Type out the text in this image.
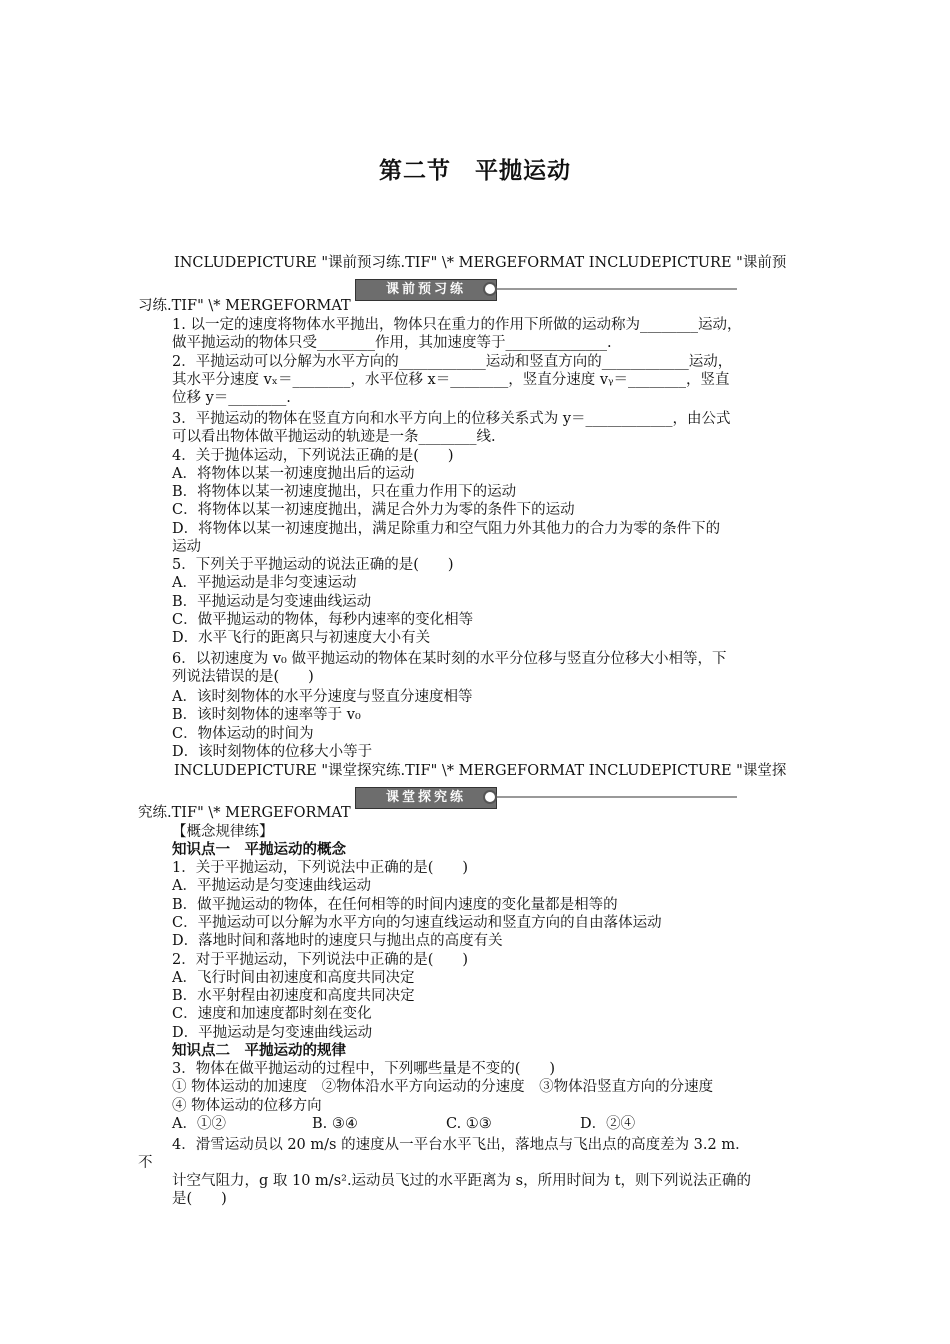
第二节　平抛运动
INCLUDEPICTURE "课前预习练.TIF" \* MERGEFORMAT INCLUDEPICTURE "课前预
习练.TIF" \* MERGEFORMAT
课前预习练
1. 以一定的速度将物体水平抛出，物体只在重力的作用下所做的运动称为________运动，
做平抛运动的物体只受________作用，其加速度等于______________.
2．平抛运动可以分解为水平方向的____________运动和竖直方向的____________运动，
其水平分速度 vₓ＝________，水平位移 x＝________，竖直分速度 vᵧ＝________，竖直
位移 y＝________.
3．平抛运动的物体在竖直方向和水平方向上的位移关系式为 y＝____________，由公式
可以看出物体做平抛运动的轨迹是一条________线.
4．关于抛体运动，下列说法正确的是(　　)
A．将物体以某一初速度抛出后的运动
B．将物体以某一初速度抛出，只在重力作用下的运动
C．将物体以某一初速度抛出，满足合外力为零的条件下的运动
D．将物体以某一初速度抛出，满足除重力和空气阻力外其他力的合力为零的条件下的
运动
5．下列关于平抛运动的说法正确的是(　　)
A．平抛运动是非匀变速运动
B．平抛运动是匀变速曲线运动
C．做平抛运动的物体，每秒内速率的变化相等
D．水平飞行的距离只与初速度大小有关
6．以初速度为 v₀ 做平抛运动的物体在某时刻的水平分位移与竖直分位移大小相等，下
列说法错误的是(　　)
A．该时刻物体的水平分速度与竖直分速度相等
B．该时刻物体的速率等于 v₀
C．物体运动的时间为
D．该时刻物体的位移大小等于
INCLUDEPICTURE "课堂探究练.TIF" \* MERGEFORMAT INCLUDEPICTURE "课堂探
究练.TIF" \* MERGEFORMAT
课堂探究练
【概念规律练】
知识点一　平抛运动的概念
1．关于平抛运动，下列说法中正确的是(　　)
A．平抛运动是匀变速曲线运动
B．做平抛运动的物体，在任何相等的时间内速度的变化量都是相等的
C．平抛运动可以分解为水平方向的匀速直线运动和竖直方向的自由落体运动
D．落地时间和落地时的速度只与抛出点的高度有关
2．对于平抛运动，下列说法中正确的是(　　)
A．飞行时间由初速度和高度共同决定
B．水平射程由初速度和高度共同决定
C．速度和加速度都时刻在变化
D．平抛运动是匀变速曲线运动
知识点二　平抛运动的规律
3．物体在做平抛运动的过程中，下列哪些量是不变的(　　)
① 物体运动的加速度　②物体沿水平方向运动的分速度　③物体沿竖直方向的分速度
④ 物体运动的位移方向
A．①②	B. ③④	C. ①③	D．②④
4．滑雪运动员以 20 m/s 的速度从一平台水平飞出，落地点与飞出点的高度差为 3.2 m．
不
计空气阻力，g 取 10 m/s².运动员飞过的水平距离为 s，所用时间为 t，则下列说法正确的
是(　　)
